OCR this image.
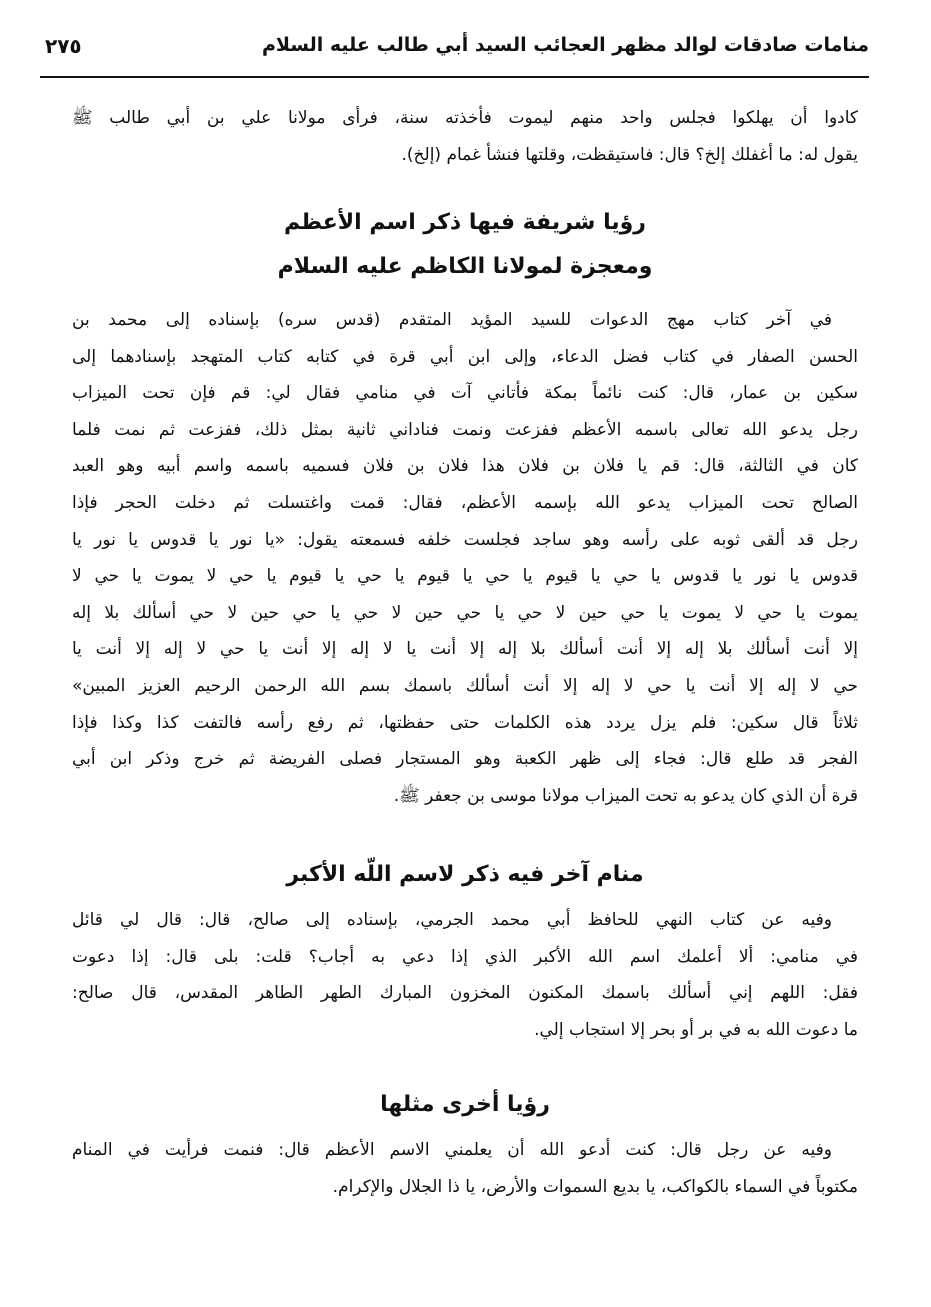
منامات صادقات لوالد مظهر العجائب السيد أبي طالب عليه السلام
٢٧٥
كادوا أن يهلكوا فجلس واحد منهم ليموت فأخذته سنة، فرأى مولانا علي بن أبي طالب ﷺ
يقول له: ما أغفلك إلخ؟ قال: فاستيقظت، وقلتها فنشأ غمام (إلخ).
رؤيا شريفة فيها ذكر اسم الأعظم
ومعجزة لمولانا الكاظم عليه السلام
في آخر كتاب مهج الدعوات للسيد المؤيد المتقدم (قدس سره) بإسناده إلى محمد بن
الحسن الصفار في كتاب فضل الدعاء، وإلى ابن أبي قرة في كتابه كتاب المتهجد بإسنادهما إلى
سكين بن عمار، قال: كنت نائماً بمكة فأتاني آت في منامي فقال لي: قم فإن تحت الميزاب
رجل يدعو الله تعالى باسمه الأعظم ففزعت ونمت فناداني ثانية بمثل ذلك، ففزعت ثم نمت فلما
كان في الثالثة، قال: قم يا فلان بن فلان هذا فلان بن فلان فسميه باسمه واسم أبيه وهو العبد
الصالح تحت الميزاب يدعو الله بإسمه الأعظم، فقال: قمت واغتسلت ثم دخلت الحجر فإذا
رجل قد ألقى ثوبه على رأسه وهو ساجد فجلست خلفه فسمعته يقول: «يا نور يا قدوس يا نور يا
قدوس يا نور يا قدوس يا حي يا قيوم يا حي يا قيوم يا حي يا قيوم يا حي لا يموت يا حي لا
يموت يا حي لا يموت يا حي حين لا حي يا حي حين لا حي يا حي حين لا حي أسألك بلا إله
إلا أنت أسألك بلا إله إلا أنت أسألك بلا إله إلا أنت يا لا إله إلا أنت يا حي لا إله إلا أنت يا
حي لا إله إلا أنت يا حي لا إله إلا أنت أسألك باسمك بسم الله الرحمن الرحيم العزيز المبين»
ثلاثاً قال سكين: فلم يزل يردد هذه الكلمات حتى حفظتها، ثم رفع رأسه فالتفت كذا وكذا فإذا
الفجر قد طلع قال: فجاء إلى ظهر الكعبة وهو المستجار فصلى الفريضة ثم خرج وذكر ابن أبي
قرة أن الذي كان يدعو به تحت الميزاب مولانا موسى بن جعفر ﷺ.
منام آخر فيه ذكر لاسم اللّه الأكبر
وفيه عن كتاب النهي للحافظ أبي محمد الجرمي، بإسناده إلى صالح، قال: قال لي قائل
في منامي: ألا أعلمك اسم الله الأكبر الذي إذا دعي به أجاب؟ قلت: بلى قال: إذا دعوت
فقل: اللهم إني أسألك باسمك المكنون المخزون المبارك الطهر الطاهر المقدس، قال صالح:
ما دعوت الله به في بر أو بحر إلا استجاب إلي.
رؤيا أخرى مثلها
وفيه عن رجل قال: كنت أدعو الله أن يعلمني الاسم الأعظم قال: فنمت فرأيت في المنام
مكتوباً في السماء بالكواكب، يا بديع السموات والأرض، يا ذا الجلال والإكرام.
